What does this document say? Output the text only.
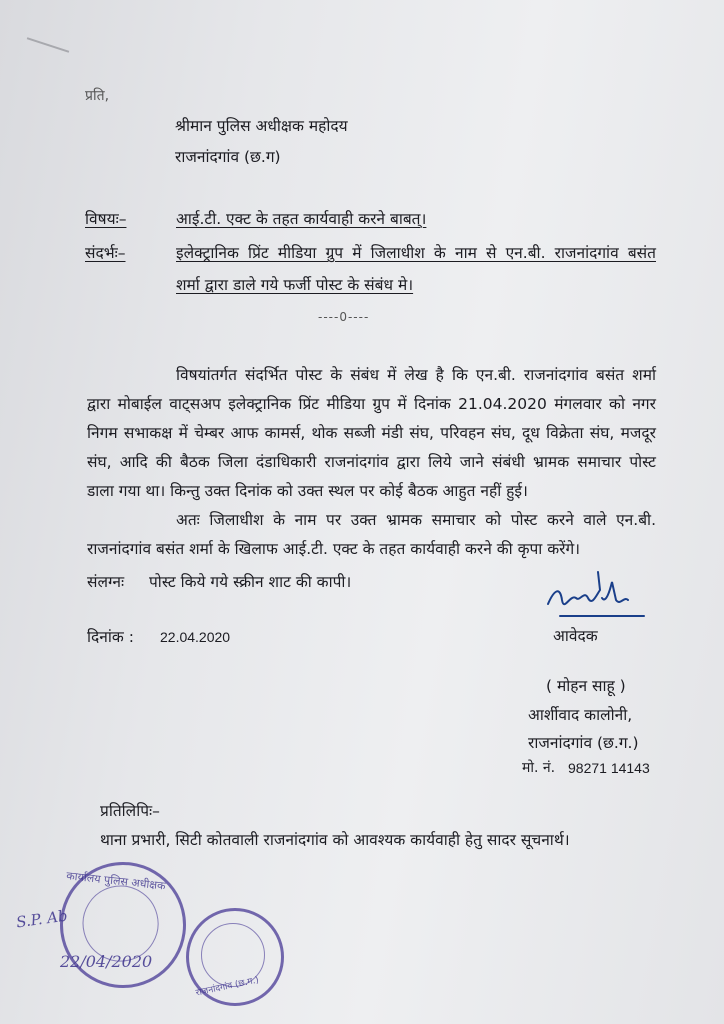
प्रति,
श्रीमान पुलिस अधीक्षक महोदय
राजनांदगांव (छ.ग)
विषयः–	आई.टी. एक्ट के तहत कार्यवाही करने बाबत्।
संदर्भः–	इलेक्ट्रानिक प्रिंट मीडिया ग्रुप में जिलाधीश के नाम से एन.बी. राजनांदगांव बसंत
शर्मा द्वारा डाले गये फर्जी पोस्ट के संबंध मे।
----0----
विषयांतर्गत संदर्भित पोस्ट के संबंध में लेख है कि एन.बी. राजनांदगांव बसंत शर्मा
द्वारा मोबाईल वाट्सअप इलेक्ट्रानिक प्रिंट मीडिया ग्रुप में दिनांक 21.04.2020 मंगलवार को नगर
निगम सभाकक्ष में चेम्बर आफ कामर्स, थोक सब्जी मंडी संघ, परिवहन संघ, दूध विक्रेता संघ, मजदूर
संघ, आदि की बैठक जिला दंडाधिकारी राजनांदगांव द्वारा लिये जाने संबंधी भ्रामक समाचार पोस्ट
डाला गया था। किन्तु उक्त दिनांक को उक्त स्थल पर कोई बैठक आहुत नहीं हुई।
अतः जिलाधीश के नाम पर उक्त भ्रामक समाचार को पोस्ट करने वाले एन.बी.
राजनांदगांव बसंत शर्मा के खिलाफ आई.टी. एक्ट के तहत कार्यवाही करने की कृपा करेंगे।
संलग्नः पोस्ट किये गये स्क्रीन शाट की कापी।
दिनांक : 22.04.2020	आवेदक
( मोहन साहू )
आर्शीवाद कालोनी,
राजनांदगांव (छ.ग.)
मो. नं. 98271 14143
प्रतिलिपिः–
थाना प्रभारी, सिटी कोतवाली राजनांदगांव को आवश्यक कार्यवाही हेतु सादर सूचनार्थ।
कार्यालय पुलिस अधीक्षक
S.P. Ab
22/04/2020
राजनांदगांव (छ.ग.)
